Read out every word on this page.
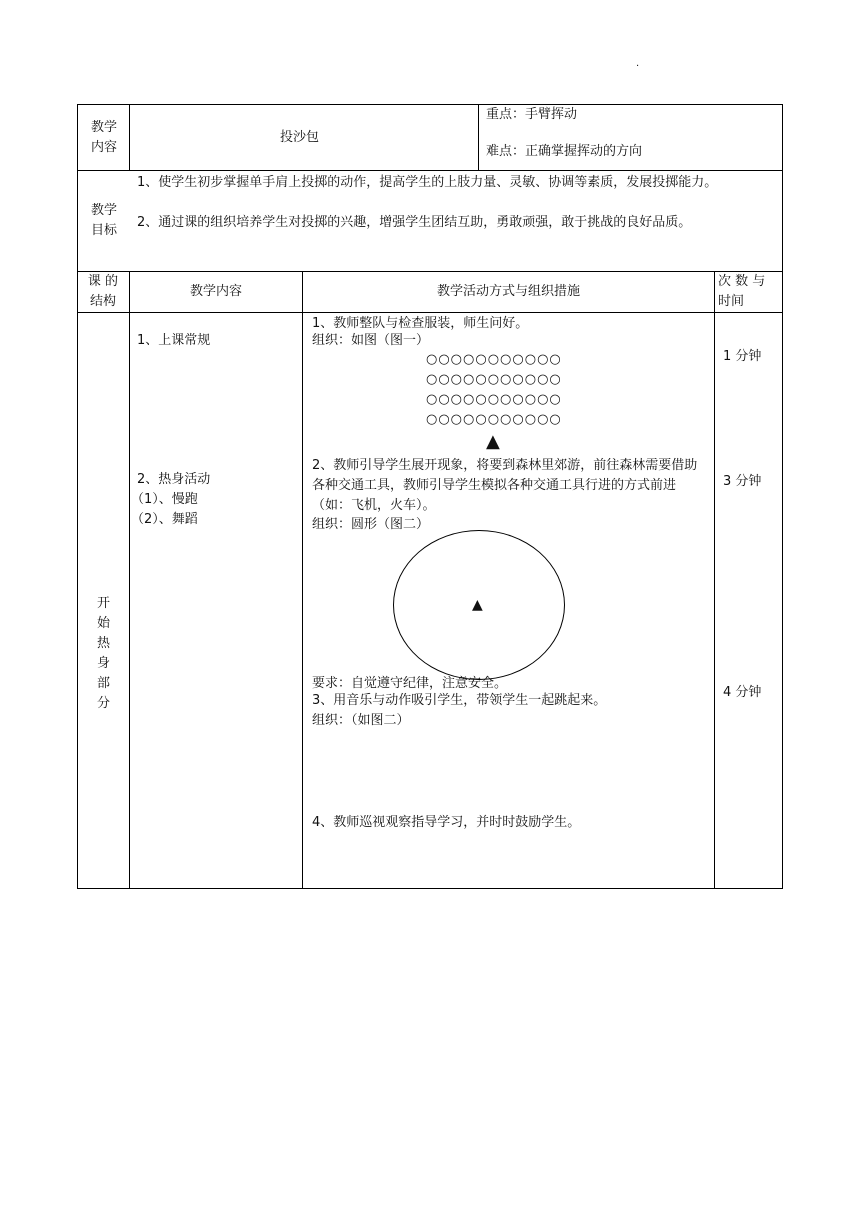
.
教学
内容
投沙包
重点：手臂挥动
难点：正确掌握挥动的方向
教学
目标
1、使学生初步掌握单手肩上投掷的动作，提高学生的上肢力量、灵敏、协调等素质，发展投掷能力。
2、通过课的组织培养学生对投掷的兴趣，增强学生团结互助，勇敢顽强，敢于挑战的良好品质。
课 的
结构
教学内容	教学活动方式与组织措施
次 数 与
时间
开
始
热
身
部
分
1、上课常规
2、热身活动
（1）、慢跑
（2）、舞蹈
1、教师整队与检查服装，师生问好。
组织：如图（图一）
○○○○○○○○○○○
○○○○○○○○○○○
○○○○○○○○○○○
○○○○○○○○○○○
▲
2、教师引导学生展开现象，将要到森林里郊游，前往森林需要借助各种交通工具，教师引导学生模拟各种交通工具行进的方式前进（如：飞机，火车）。
组织：圆形（图二）
▲
要求：自觉遵守纪律，注意安全。
3、用音乐与动作吸引学生，带领学生一起跳起来。
组织：（如图二）
4、教师巡视观察指导学习，并时时鼓励学生。
1 分钟
3 分钟
4 分钟
